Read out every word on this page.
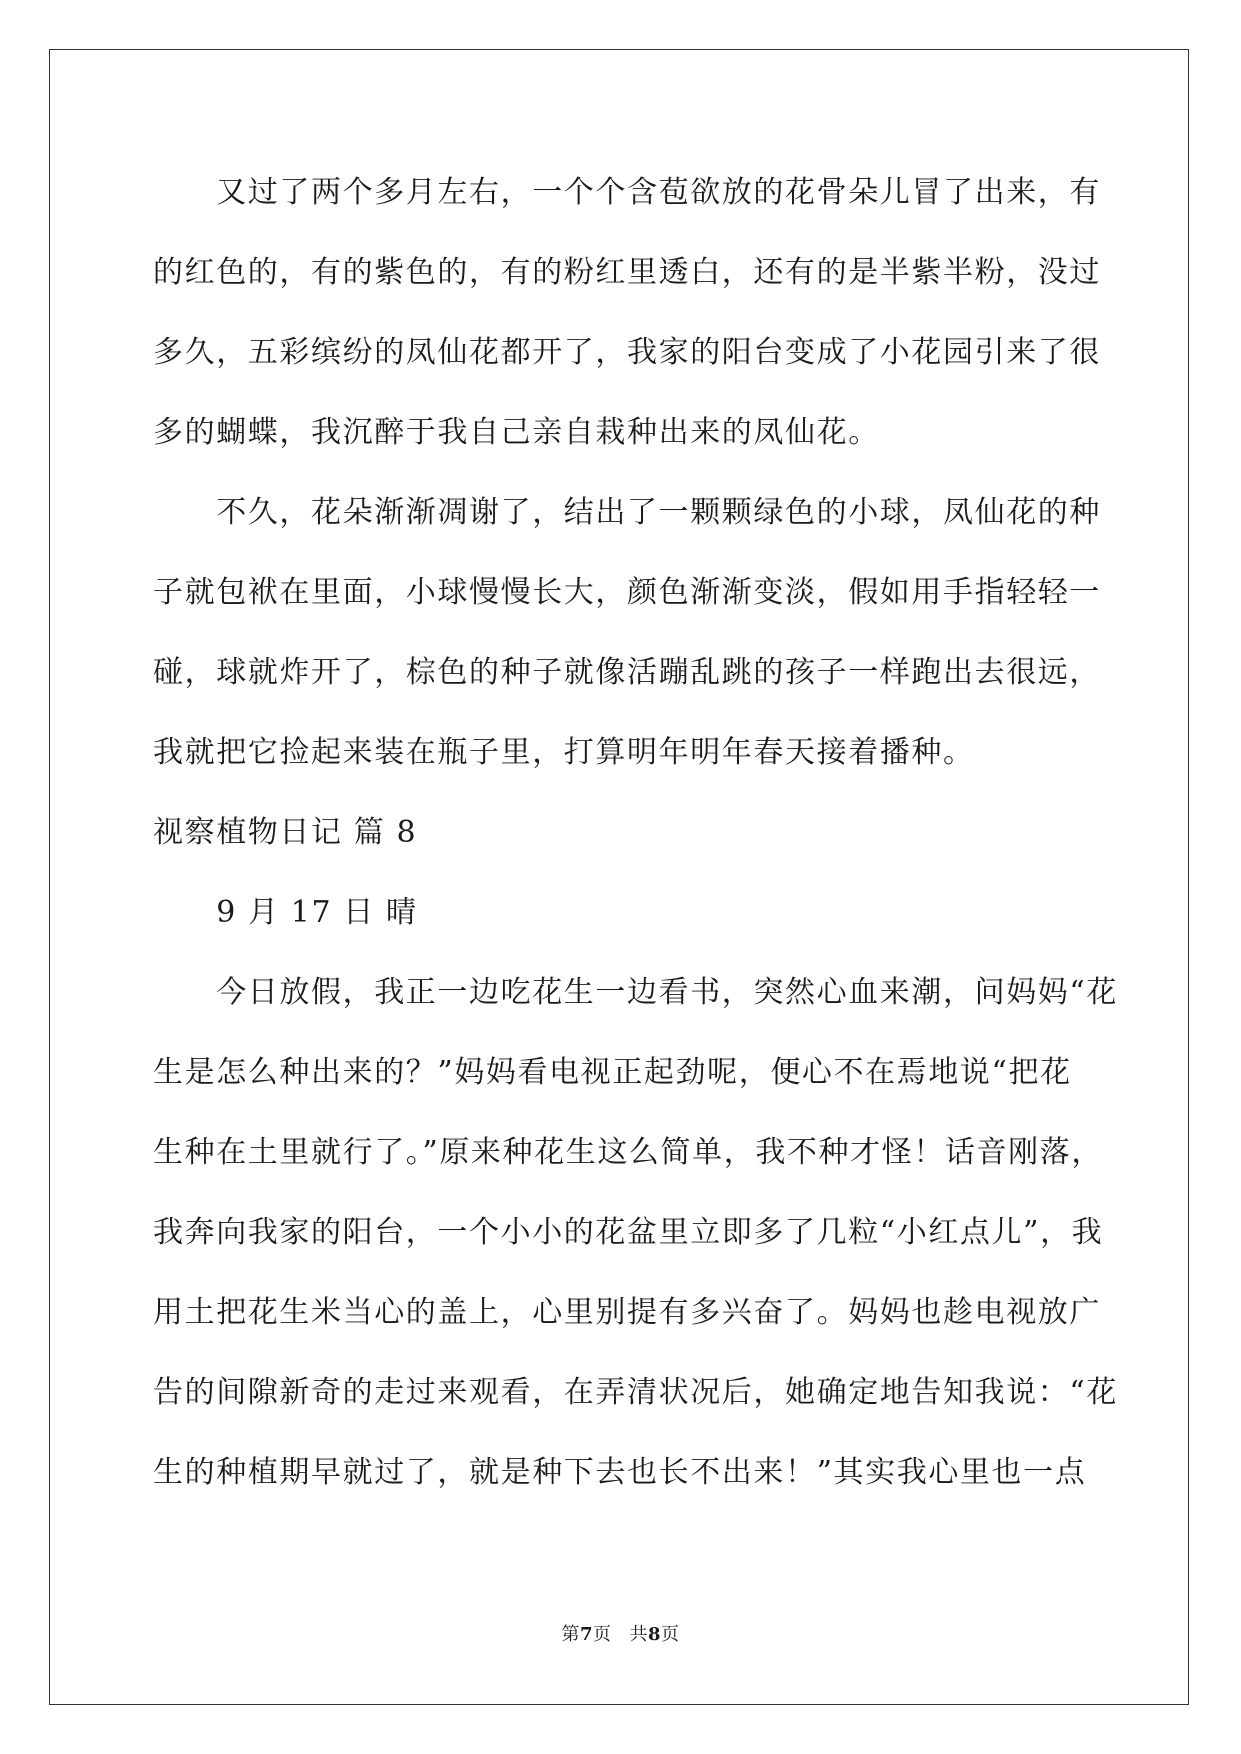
　　又过了两个多月左右，一个个含苞欲放的花骨朵儿冒了出来，有
的红色的，有的紫色的，有的粉红里透白，还有的是半紫半粉，没过
多久，五彩缤纷的凤仙花都开了，我家的阳台变成了小花园引来了很
多的蝴蝶，我沉醉于我自己亲自栽种出来的凤仙花。
　　不久，花朵渐渐凋谢了，结出了一颗颗绿色的小球，凤仙花的种
子就包袱在里面，小球慢慢长大，颜色渐渐变淡，假如用手指轻轻一
碰，球就炸开了，棕色的种子就像活蹦乱跳的孩子一样跑出去很远，
我就把它捡起来装在瓶子里，打算明年明年春天接着播种。
视察植物日记 篇 8
　　9 月 17 日 晴
　　今日放假，我正一边吃花生一边看书，突然心血来潮，问妈妈“花
生是怎么种出来的？”妈妈看电视正起劲呢，便心不在焉地说“把花
生种在土里就行了。”原来种花生这么简单，我不种才怪！话音刚落，
我奔向我家的阳台，一个小小的花盆里立即多了几粒“小红点儿”，我
用土把花生米当心的盖上，心里别提有多兴奋了。妈妈也趁电视放广
告的间隙新奇的走过来观看，在弄清状况后，她确定地告知我说：“花
生的种植期早就过了，就是种下去也长不出来！”其实我心里也一点
第7页 共8页
